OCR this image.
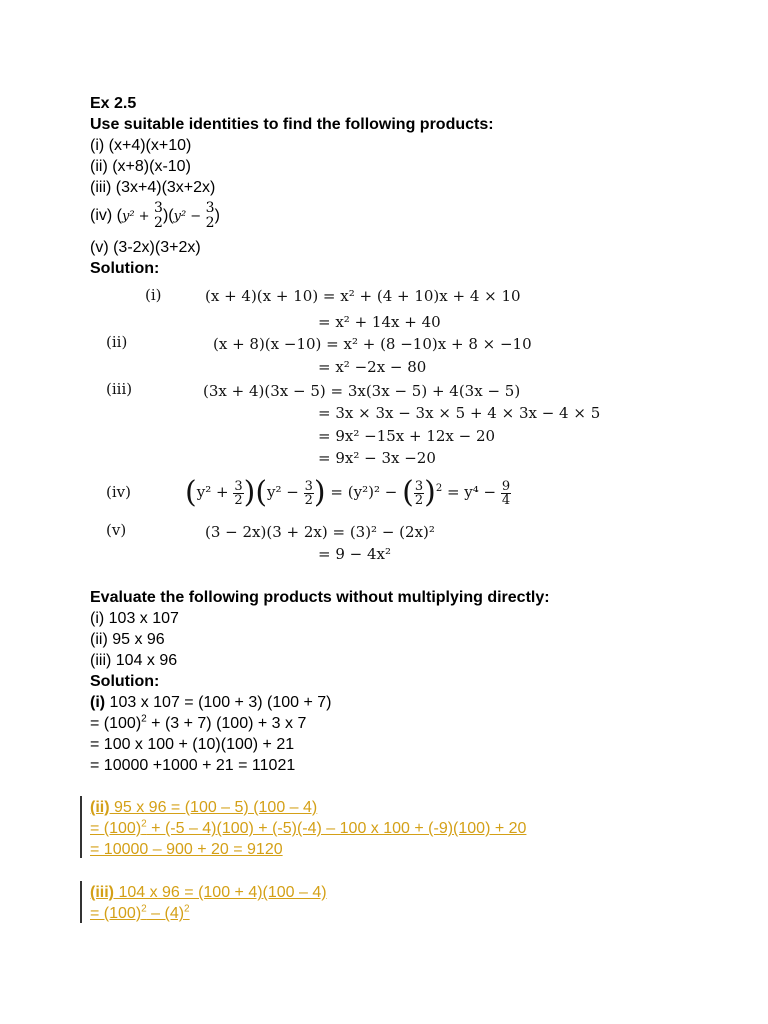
Ex 2.5
Use suitable identities to find the following products:
(i) (x+4)(x+10)
(ii) (x+8)(x-10)
(iii) (3x+4)(3x+2x)
(iv) (y² +
3
2 )(y² −
3
2 )
(v) (3-2x)(3+2x)
Solution:
(i)	(x + 4)(x + 10) = x² + (4 + 10)x + 4 × 10
= x² + 14x + 40
(ii)	(x + 8)(x −10) = x² + (8 −10)x + 8 × −10
= x² −2x − 80
(iii)	(3x + 4)(3x − 5) = 3x(3x − 5) + 4(3x − 5)
= 3x × 3x − 3x × 5 + 4 × 3x − 4 × 5
= 9x² −15x + 12x − 20
= 9x² − 3x −20
(iv) $(y^2 + \frac{3}{2} )(y^2 - \frac{3}{2}$ ) = (y²)² − ( $\frac{3}{2} )^2 = y^4 - \frac{9}{4}$
(v)	(3 − 2x)(3 + 2x) = (3)² − (2x)²
= 9 − 4x²
Evaluate the following products without multiplying directly:
(i) 103 x 107
(ii) 95 x 96
(iii) 104 x 96
Solution:
(i) 103 x 107 = (100 + 3) (100 + 7)
= $(100)^2 + (3 + 7) (100) + 3$ x 7
= 100 x 100 + (10)(100) + 21
= 10000 +1000 + 21 = 11021
(ii) 95 x 96 = (100 – 5) (100 – 4)
= $(100)^2 + (-5 - 4)(100) + (-5)(-4) - 100$ x 100 + (-9)(100) + 20
= 10000 – 900 + 20 = 9120
(iii) 104 x 96 = (100 + 4)(100 – 4)
= $(100)^2 - (4)^2$
